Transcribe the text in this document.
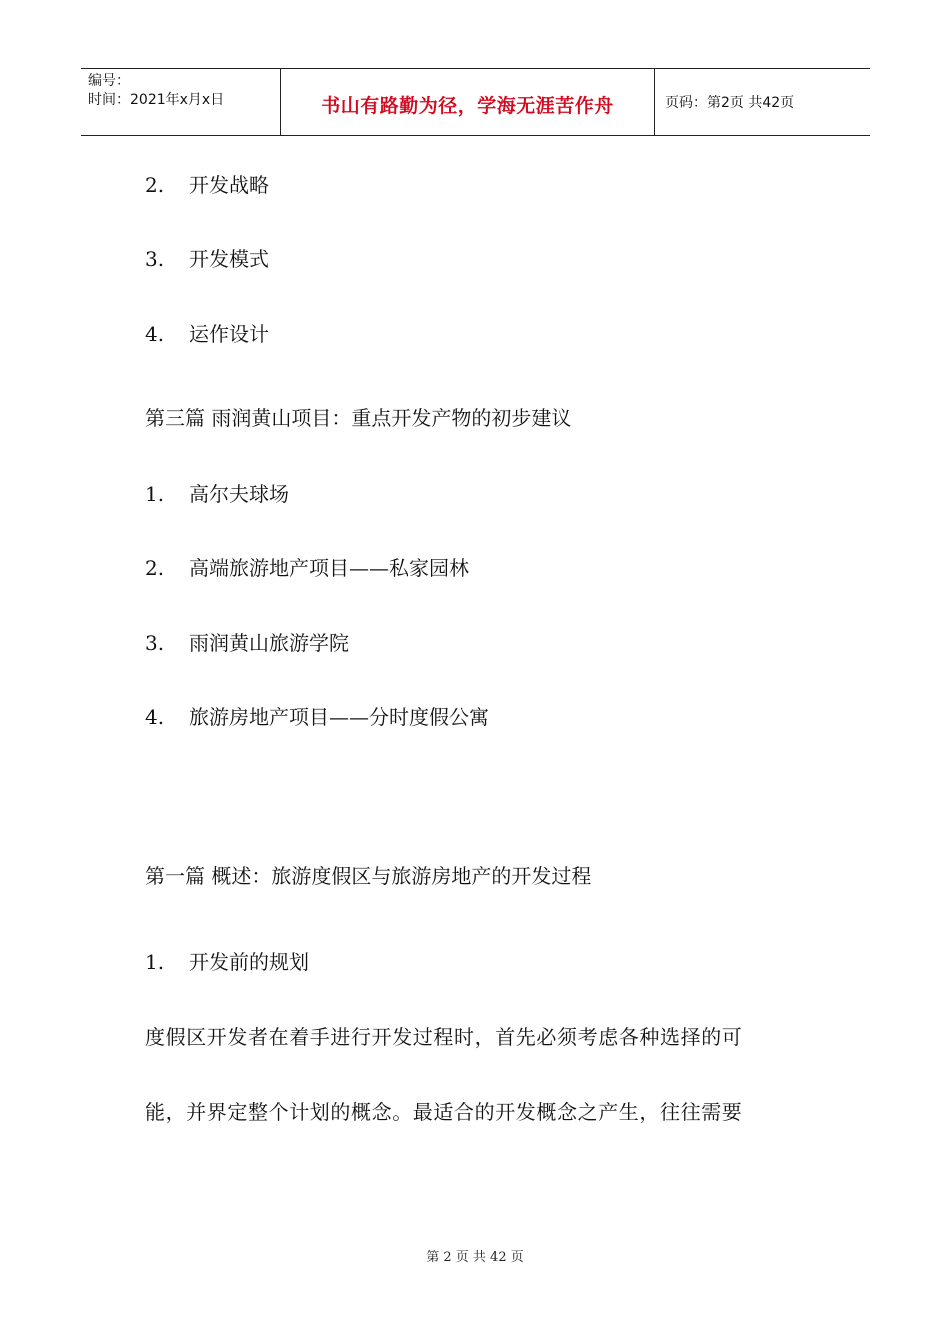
编号：
时间：2021年x月x日	书山有路勤为径，学海无涯苦作舟	页码：第2页 共42页
2. 开发战略
3. 开发模式
4. 运作设计
第三篇 雨润黄山项目：重点开发产物的初步建议
1. 高尔夫球场
2. 高端旅游地产项目——私家园林
3. 雨润黄山旅游学院
4. 旅游房地产项目——分时度假公寓
第一篇 概述：旅游度假区与旅游房地产的开发过程
1. 开发前的规划
度假区开发者在着手进行开发过程时，首先必须考虑各种选择的可
能，并界定整个计划的概念。最适合的开发概念之产生，往往需要
第 2 页 共 42 页
